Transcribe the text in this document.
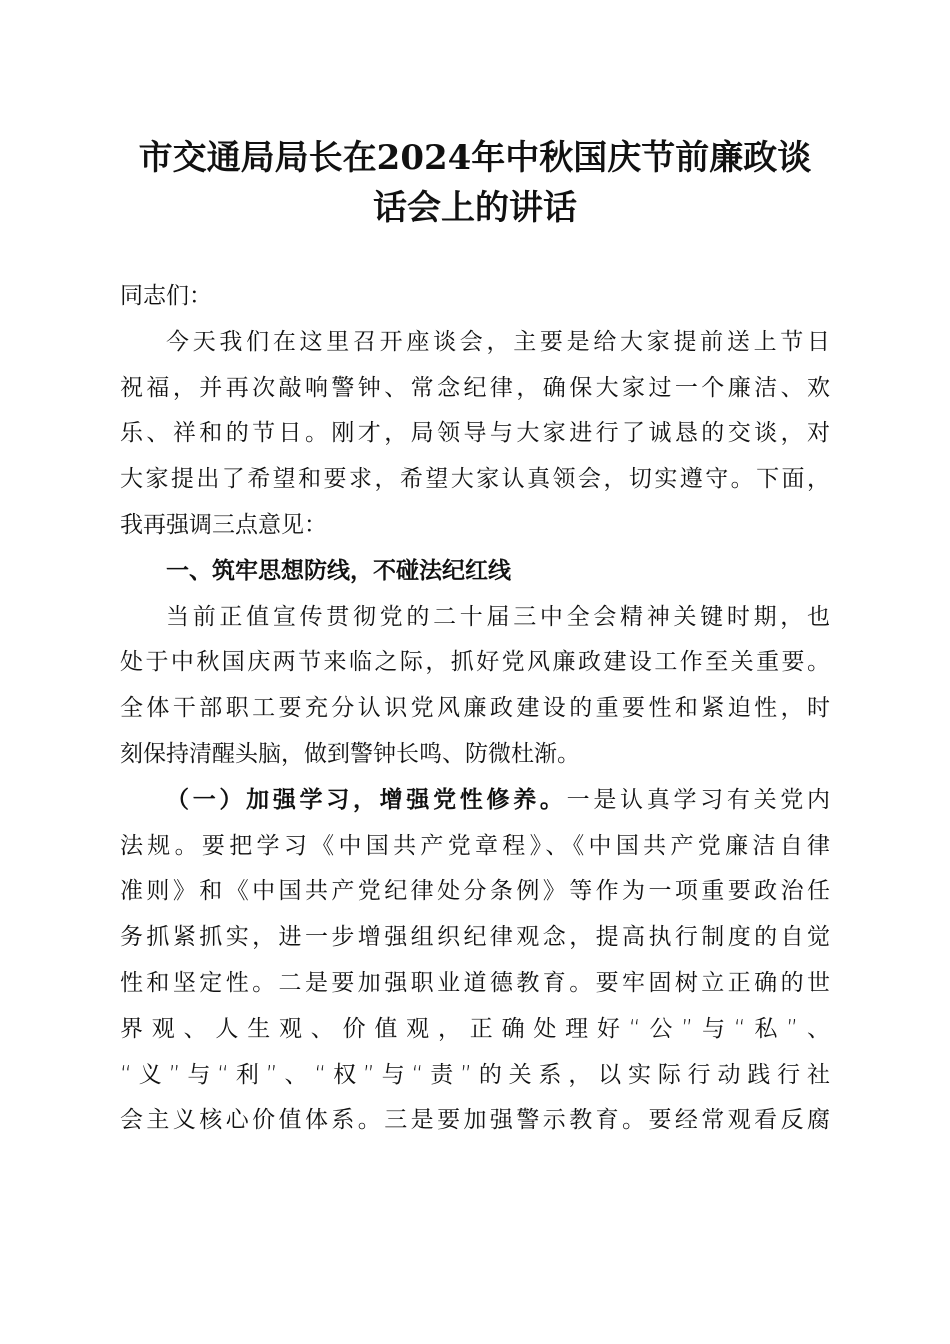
市交通局局长在2024年中秋国庆节前廉政谈
话会上的讲话
同志们：
今天我们在这里召开座谈会，主要是给大家提前送上节日
祝福，并再次敲响警钟、常念纪律，确保大家过一个廉洁、欢
乐、祥和的节日。刚才，局领导与大家进行了诚恳的交谈，对
大家提出了希望和要求，希望大家认真领会，切实遵守。下面，
我再强调三点意见：
一、筑牢思想防线，不碰法纪红线
当前正值宣传贯彻党的二十届三中全会精神关键时期，也
处于中秋国庆两节来临之际，抓好党风廉政建设工作至关重要。
全体干部职工要充分认识党风廉政建设的重要性和紧迫性，时
刻保持清醒头脑，做到警钟长鸣、防微杜渐。
（一）加强学习，增强党性修养。一是认真学习有关党内
法规。要把学习《中国共产党章程》、《中国共产党廉洁自律
准则》和《中国共产党纪律处分条例》等作为一项重要政治任
务抓紧抓实，进一步增强组织纪律观念，提高执行制度的自觉
性和坚定性。二是要加强职业道德教育。要牢固树立正确的世
界观、人生观、价值观，正确处理好“公”与“私”、
“义”与“利”、“权”与“责”的关系，以实际行动践行社
会主义核心价值体系。三是要加强警示教育。要经常观看反腐
